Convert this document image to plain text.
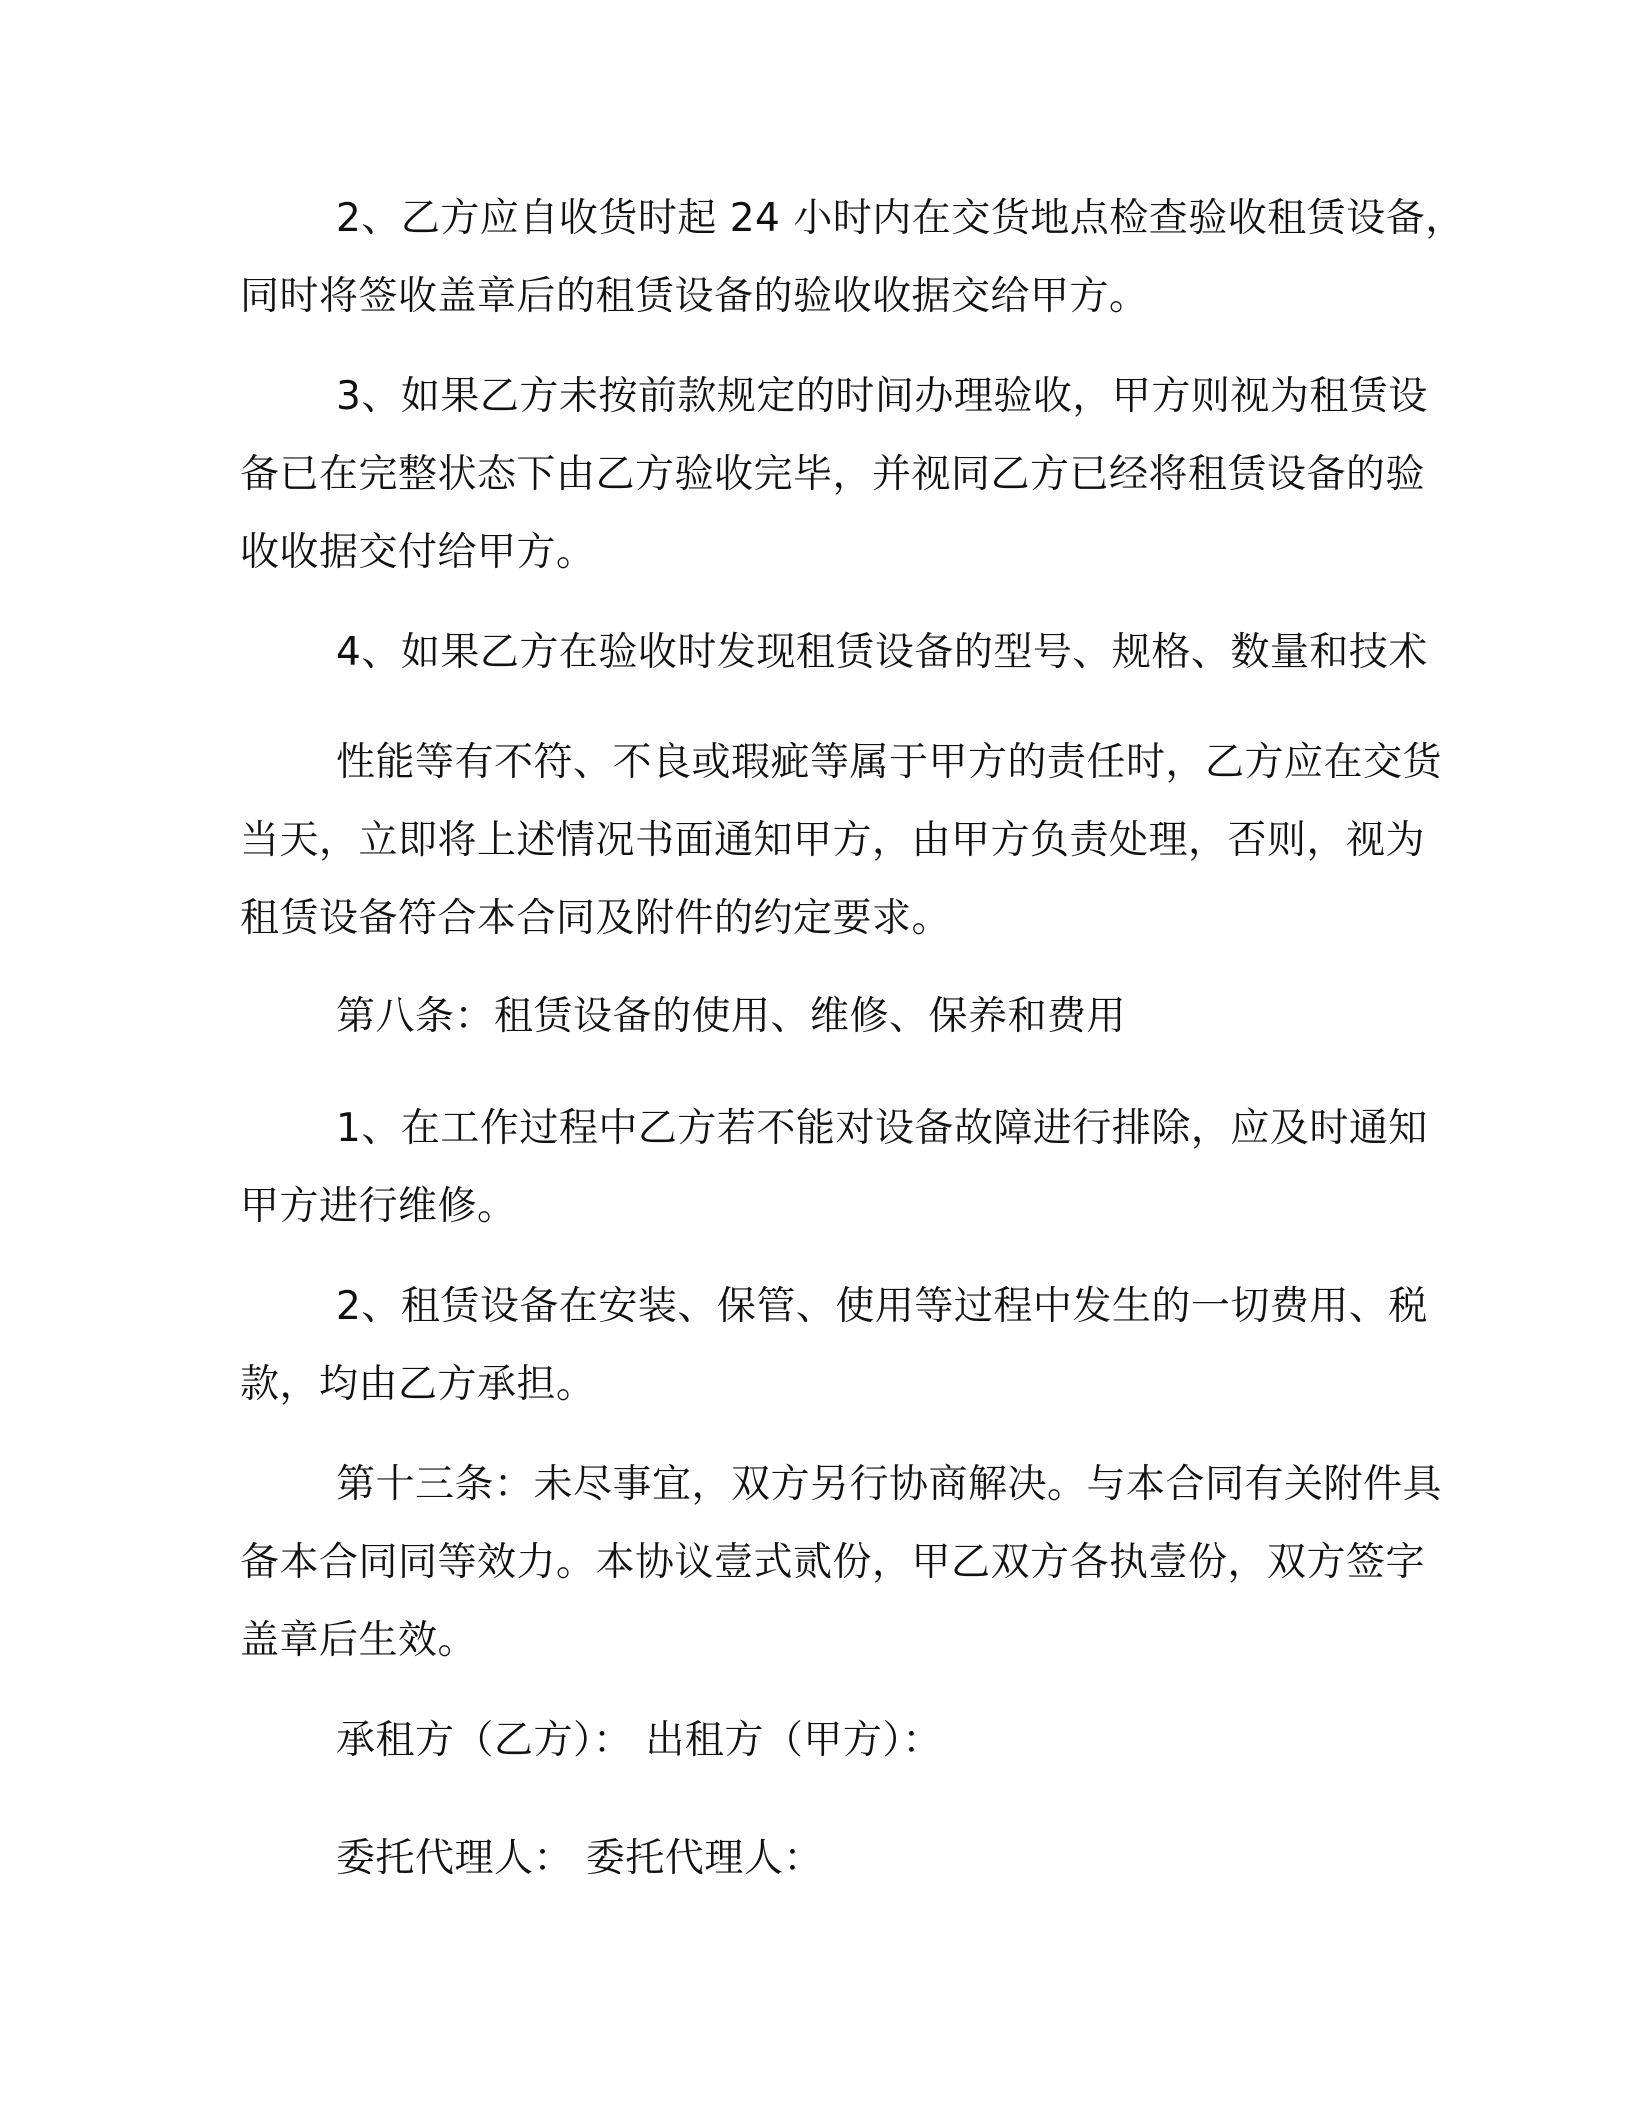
2、乙方应自收货时起 24 小时内在交货地点检查验收租赁设备，
同时将签收盖章后的租赁设备的验收收据交给甲方。
3、如果乙方未按前款规定的时间办理验收，甲方则视为租赁设
备已在完整状态下由乙方验收完毕，并视同乙方已经将租赁设备的验
收收据交付给甲方。
4、如果乙方在验收时发现租赁设备的型号、规格、数量和技术
性能等有不符、不良或瑕疵等属于甲方的责任时，乙方应在交货
当天，立即将上述情况书面通知甲方，由甲方负责处理，否则，视为
租赁设备符合本合同及附件的约定要求。
第八条：租赁设备的使用、维修、保养和费用
1、在工作过程中乙方若不能对设备故障进行排除，应及时通知
甲方进行维修。
2、租赁设备在安装、保管、使用等过程中发生的一切费用、税
款，均由乙方承担。
第十三条：未尽事宜，双方另行协商解决。与本合同有关附件具
备本合同同等效力。本协议壹式贰份，甲乙双方各执壹份，双方签字
盖章后生效。
承租方（乙方）： 出租方（甲方）：
委托代理人： 委托代理人：
